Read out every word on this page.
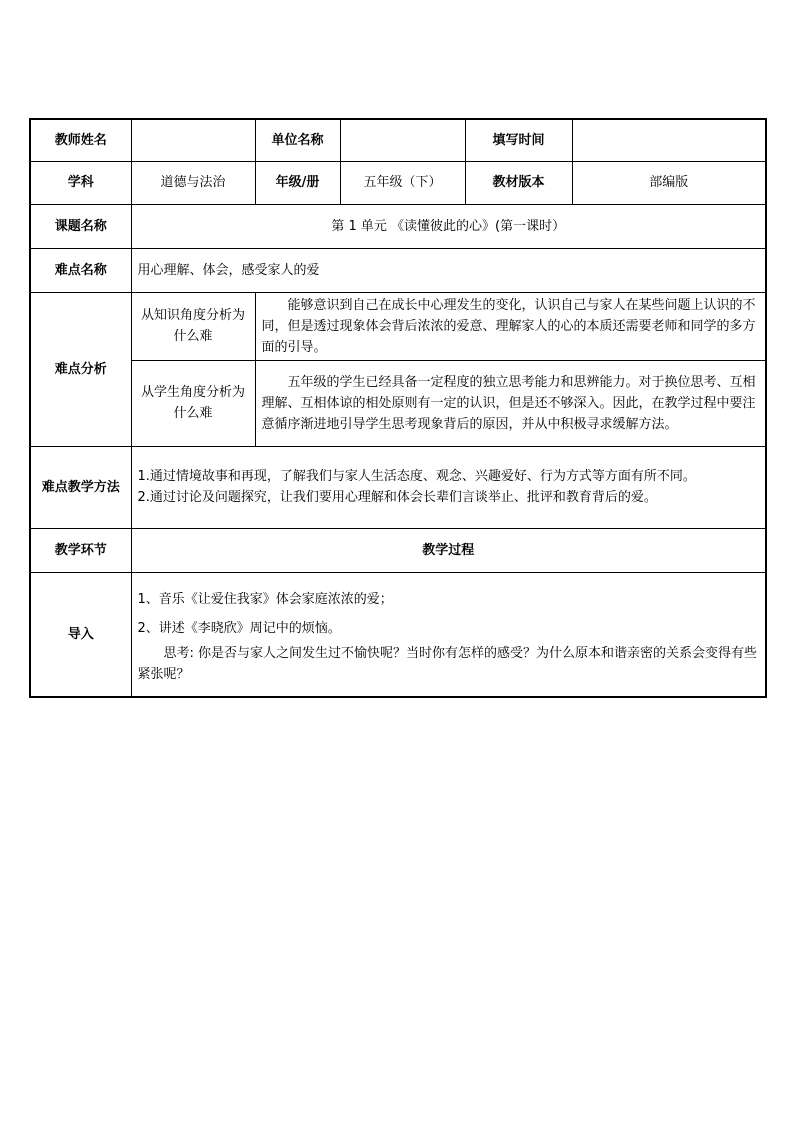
教师姓名		单位名称		填写时间	
学科	道德与法治	年级/册	五年级（下）	教材版本	部编版
课题名称	第 1 单元 《读懂彼此的心》(第一课时）				
难点名称	用心理解、体会，感受家人的爱				
难点分析	从知识角度分析为什么难	能够意识到自己在成长中心理发生的变化，认识自己与家人在某些问题上认识的不同，但是透过现象体会背后浓浓的爱意、理解家人的心的本质还需要老师和同学的多方面的引导。			

	从学生角度分析为什么难	五年级的学生已经具备一定程度的独立思考能力和思辨能力。对于换位思考、互相理解、互相体谅的相处原则有一定的认识，但是还不够深入。因此，在教学过程中要注意循序渐进地引导学生思考现象背后的原因，并从中积极寻求缓解方法。			

难点教学方法	1.通过情境故事和再现，了解我们与家人生活态度、观念、兴趣爱好、行为方式等方面有所不同。

2.通过讨论及问题探究，让我们要用心理解和体会长辈们言谈举止、批评和教育背后的爱。				

教学环节	教学过程				
导入	1、音乐《让爱住我家》体会家庭浓浓的爱；

2、讲述《李晓欣》周记中的烦恼。

思考: 你是否与家人之间发生过不愉快呢？当时你有怎样的感受？为什么原本和谐亲密的关系会变得有些紧张呢？				
